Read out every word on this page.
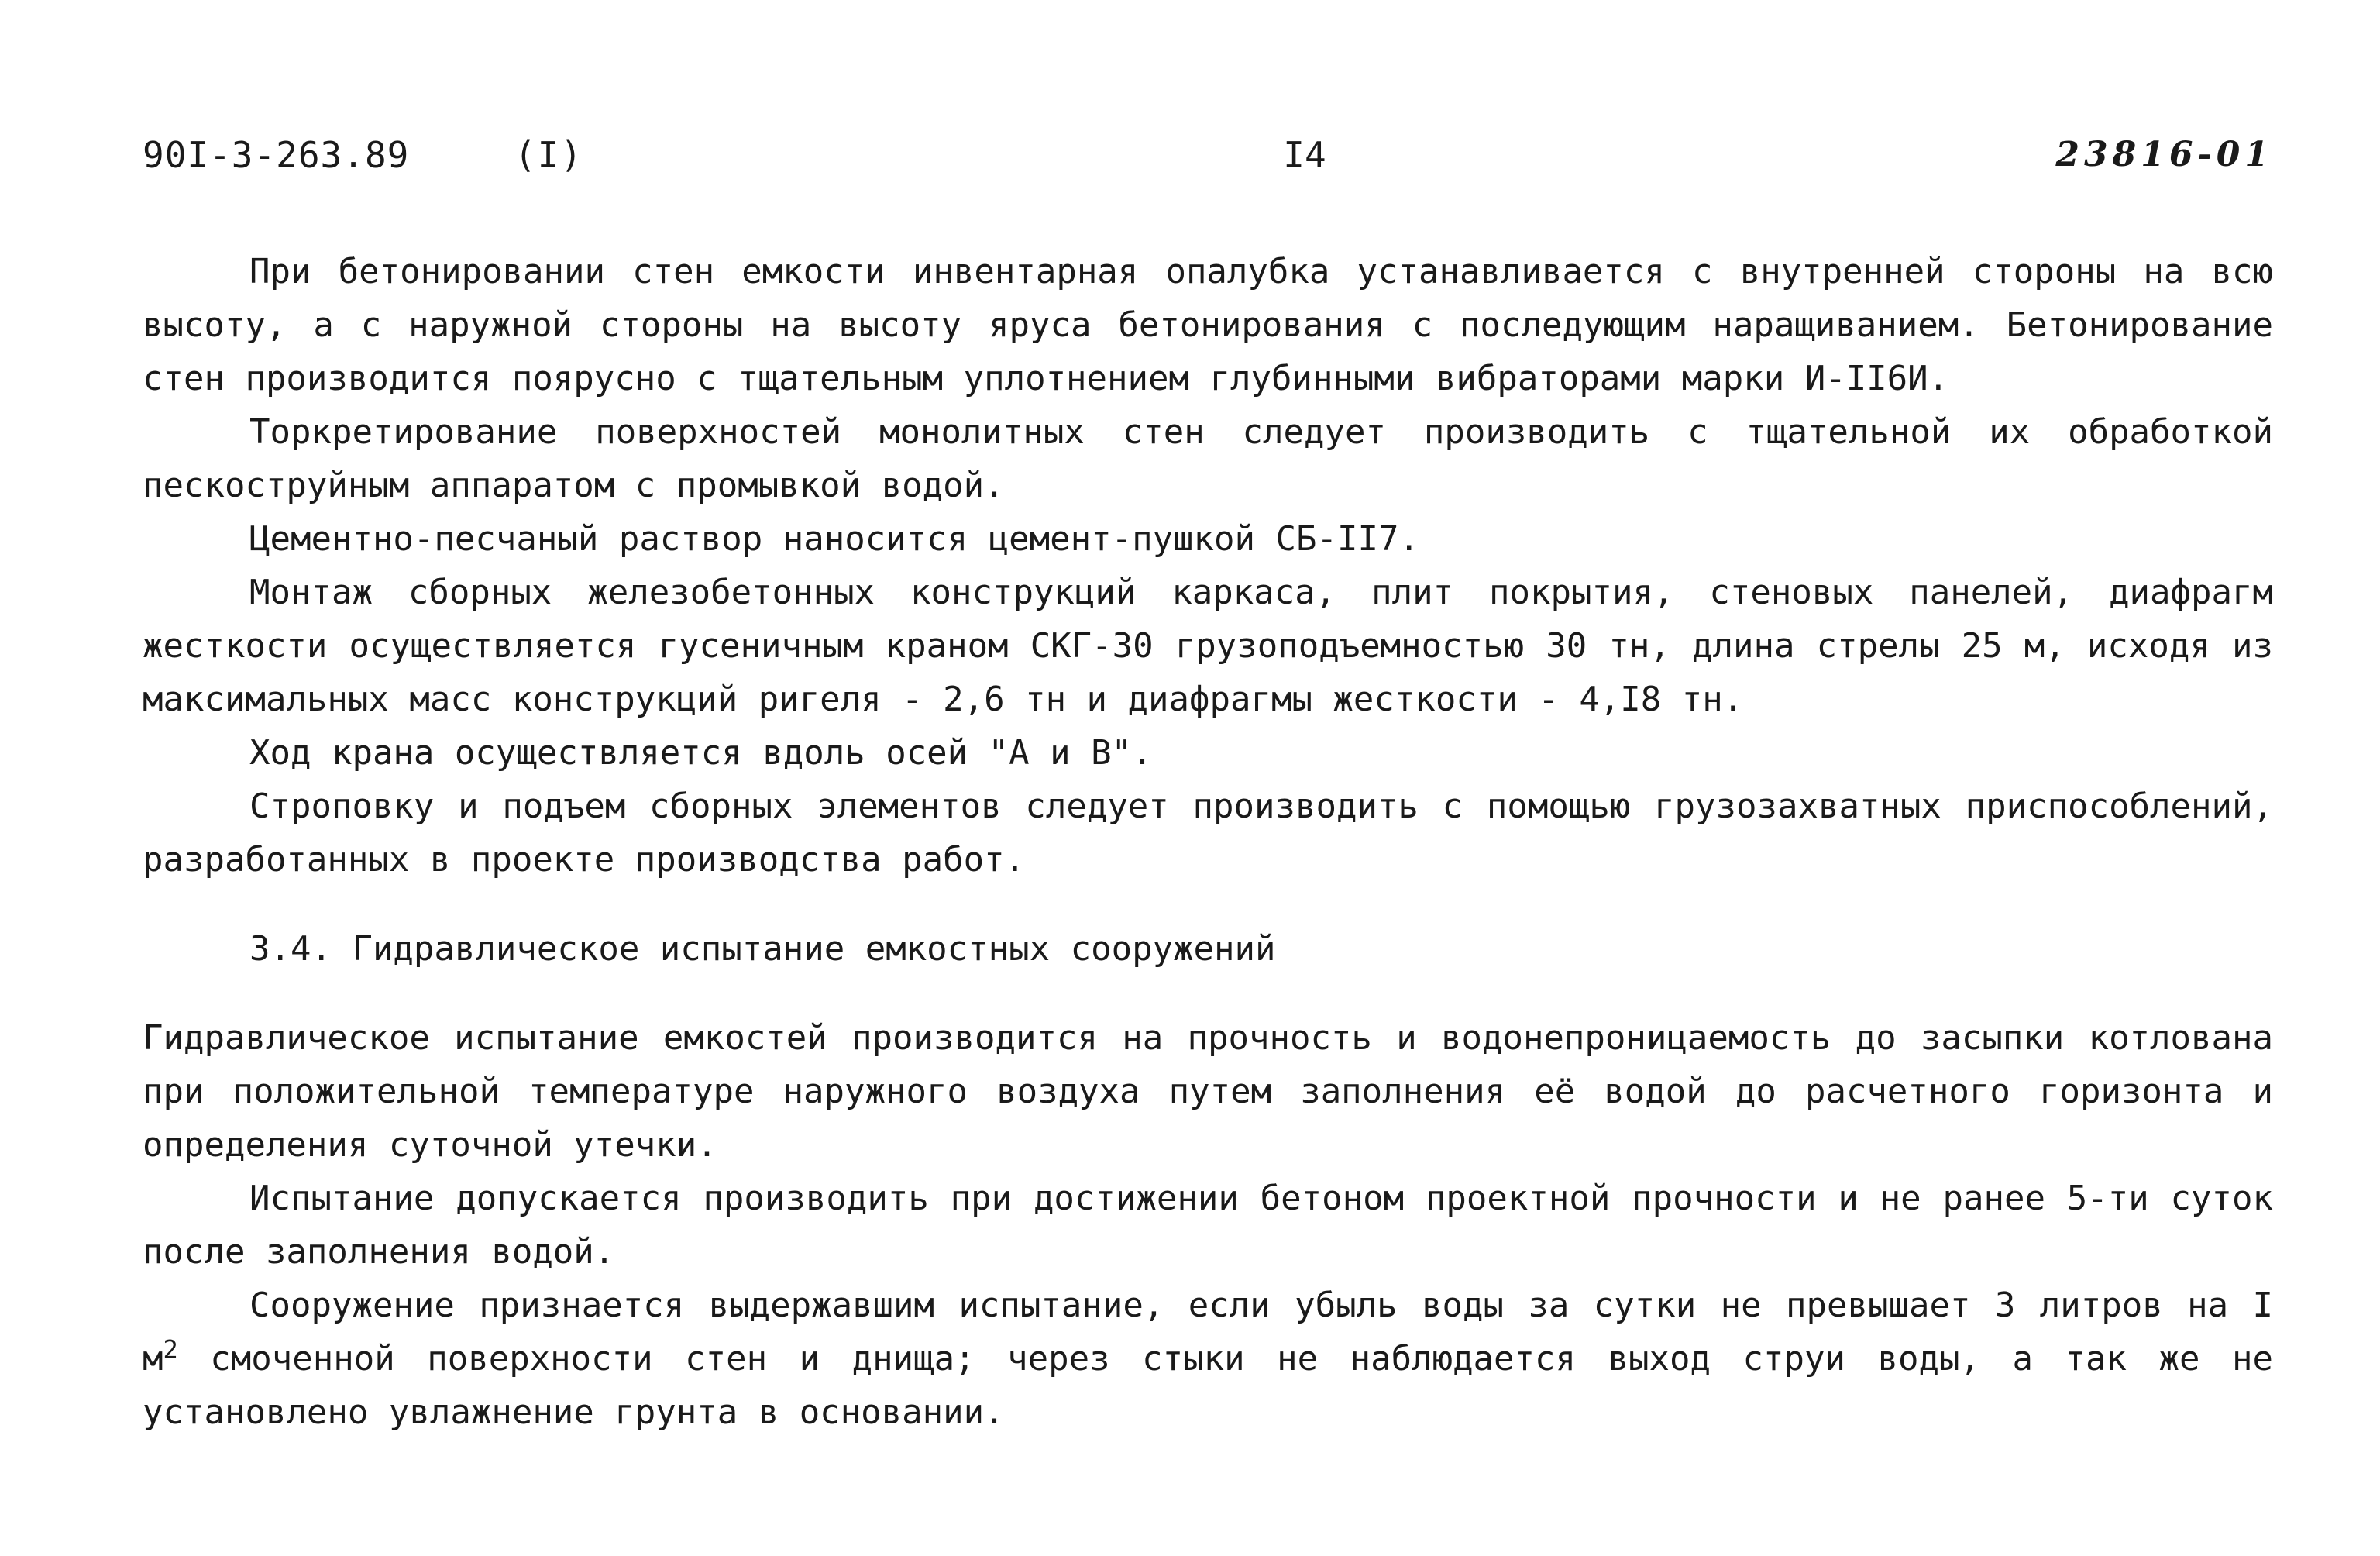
90I-3-263.89	(I)	I4	23816-01

При бетонировании стен емкости инвентарная опалубка устанавливается с внутренней стороны на всю высоту, а с наружной стороны на высоту яруса бетонирования с последующим наращиванием. Бетонирование стен производится поярусно с тщательным уплотнением глубинными вибраторами марки И-II6И.

Торкретирование поверхностей монолитных стен следует производить с тщательной их обработкой пескоструйным аппаратом с промывкой водой.

Цементно-песчаный раствор наносится цемент-пушкой СБ-II7.

Монтаж сборных железобетонных конструкций каркаса, плит покрытия, стеновых панелей, диафрагм жесткости осуществляется гусеничным краном СКГ-30 грузоподъемностью 30 тн, длина стрелы 25 м, исходя из максимальных масс конструкций ригеля - 2,6 тн и диафрагмы жесткости - 4,I8 тн.

Ход крана осуществляется вдоль осей "А и В".

Строповку и подъем сборных элементов следует производить с помощью грузозахватных приспособлений, разработанных в проекте производства работ.

3.4. Гидравлическое испытание емкостных сооружений

Гидравлическое испытание емкостей производится на прочность и водонепроницаемость до засыпки котлована при положительной температуре наружного воздуха путем заполнения её водой до расчетного горизонта и определения суточной утечки.

Испытание допускается производить при достижении бетоном проектной прочности и не ранее 5-ти суток после заполнения водой.

Сооружение признается выдержавшим испытание, если убыль воды за сутки не превышает 3 литров на I $м^2$ смоченной поверхности стен и днища; через стыки не наблюдается выход струи воды, а так же не установлено увлажнение грунта в основании.
